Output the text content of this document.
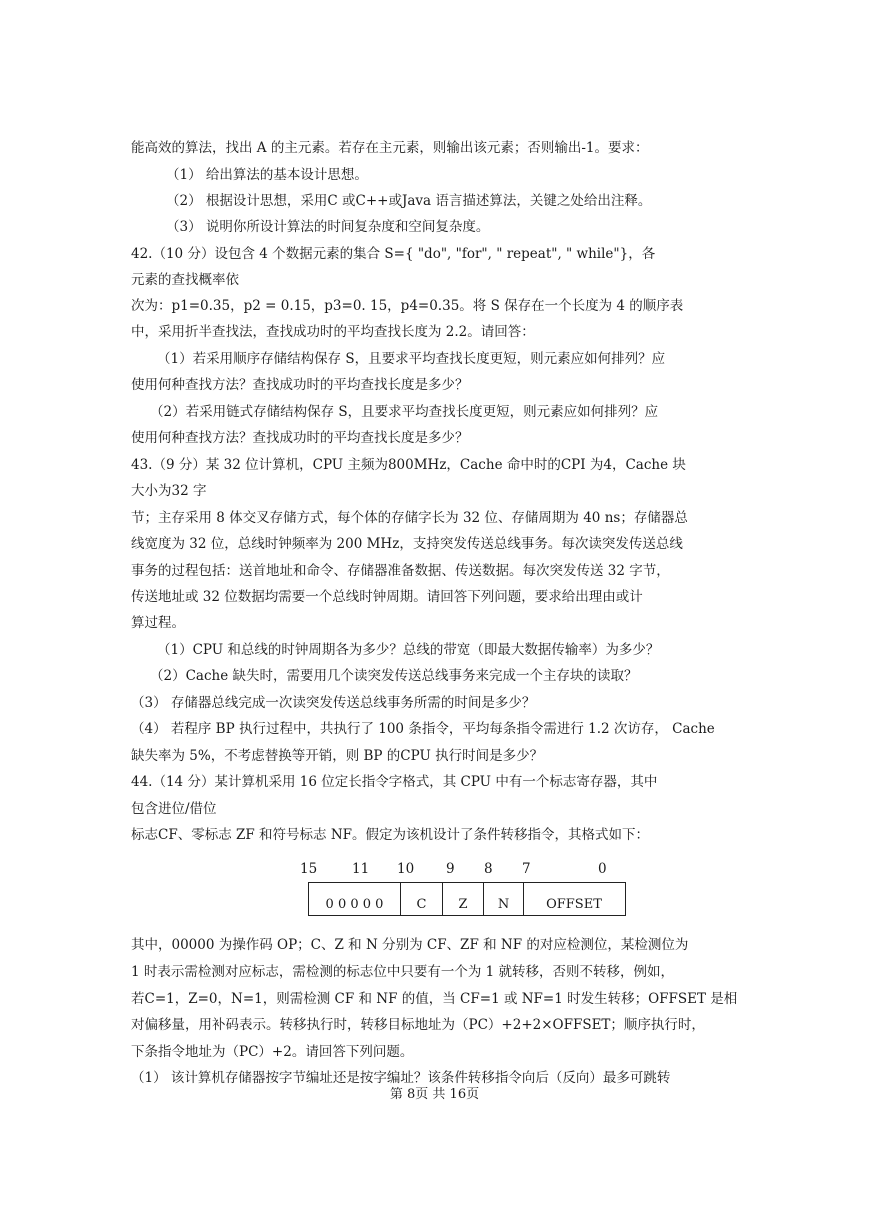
能高效的算法，找出 A 的主元素。若存在主元素，则输出该元素；否则输出-1。要求：
（1） 给出算法的基本设计思想。
（2） 根据设计思想，采用C 或C++或Java 语言描述算法，关键之处给出注释。
（3） 说明你所设计算法的时间复杂度和空间复杂度。
42.（10 分）设包含 4 个数据元素的集合 S={ "do", "for", " repeat", " while"}，各
元素的查找概率依
次为：p1=0.35，p2 = 0.15，p3=0. 15，p4=0.35。将 S 保存在一个长度为 4 的顺序表
中，采用折半查找法，查找成功时的平均查找长度为 2.2。请回答：
（1）若采用顺序存储结构保存 S，且要求平均查找长度更短，则元素应如何排列？应
使用何种查找方法？查找成功时的平均查找长度是多少？
（2）若采用链式存储结构保存 S，且要求平均查找长度更短，则元素应如何排列？应
使用何种查找方法？查找成功时的平均查找长度是多少？
43.（9 分）某 32 位计算机，CPU 主频为800MHz，Cache 命中时的CPI 为4，Cache 块
大小为32 字
节；主存采用 8 体交叉存储方式，每个体的存储字长为 32 位、存储周期为 40 ns；存储器总
线宽度为 32 位，总线时钟频率为 200 MHz，支持突发传送总线事务。每次读突发传送总线
事务的过程包括：送首地址和命令、存储器准备数据、传送数据。每次突发传送 32 字节，
传送地址或 32 位数据均需要一个总线时钟周期。请回答下列问题，要求给出理由或计
算过程。
（1）CPU 和总线的时钟周期各为多少？总线的带宽（即最大数据传输率）为多少？
（2）Cache 缺失时，需要用几个读突发传送总线事务来完成一个主存块的读取？
（3） 存储器总线完成一次读突发传送总线事务所需的时间是多少？
（4） 若程序 BP 执行过程中，共执行了 100 条指令，平均每条指令需进行 1.2 次访存， Cache
缺失率为 5%，不考虑替换等开销，则 BP 的CPU 执行时间是多少？
44.（14 分）某计算机采用 16 位定长指令字格式，其 CPU 中有一个标志寄存器，其中
包含进位/借位
标志CF、零标志 ZF 和符号标志 NF。假定为该机设计了条件转移指令，其格式如下：
15	11 10 9 8 7	0
0 0 0 0 0	C	Z	N	OFFSET
其中，00000 为操作码 OP；C、Z 和 N 分别为 CF、ZF 和 NF 的对应检测位，某检测位为
1 时表示需检测对应标志，需检测的标志位中只要有一个为 1 就转移，否则不转移，例如，
若C=1，Z=0，N=1，则需检测 CF 和 NF 的值，当 CF=1 或 NF=1 时发生转移；OFFSET 是相
对偏移量，用补码表示。转移执行时，转移目标地址为（PC）+2+2×OFFSET；顺序执行时，
下条指令地址为（PC）+2。请回答下列问题。
（1） 该计算机存储器按字节编址还是按字编址？该条件转移指令向后（反向）最多可跳转
第 8页 共 16页
